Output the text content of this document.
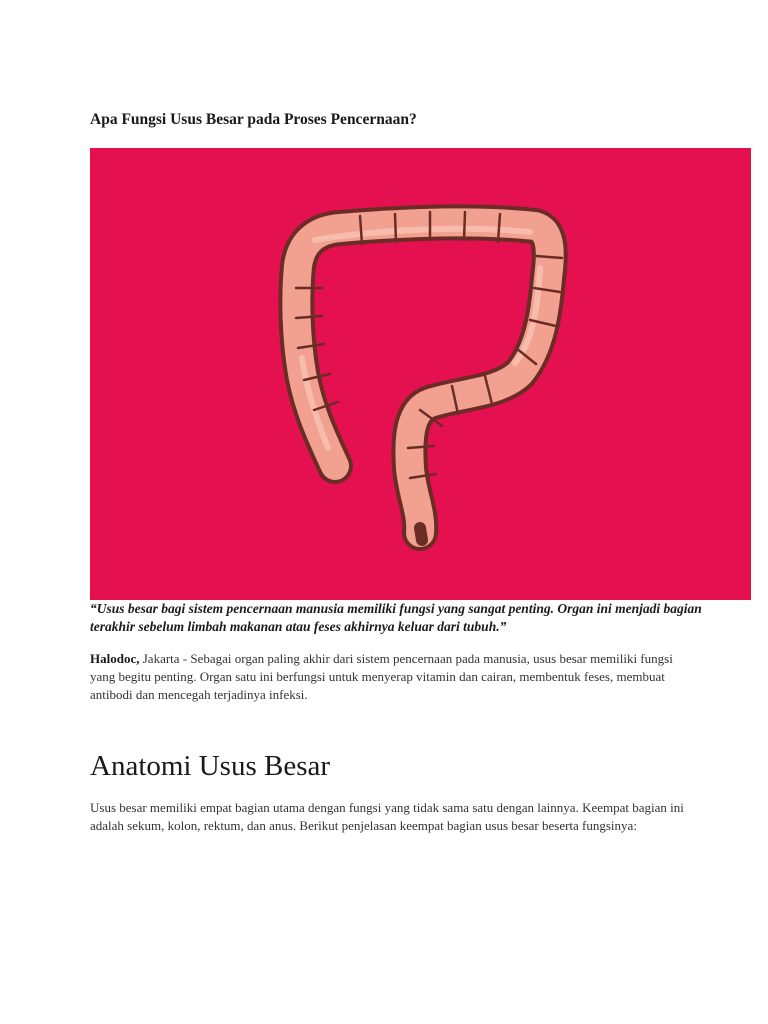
Apa Fungsi Usus Besar pada Proses Pencernaan?

“Usus besar bagi sistem pencernaan manusia memiliki fungsi yang sangat penting. Organ ini menjadi bagian terakhir sebelum limbah makanan atau feses akhirnya keluar dari tubuh.”

Halodoc, Jakarta - Sebagai organ paling akhir dari sistem pencernaan pada manusia, usus besar memiliki fungsi yang begitu penting. Organ satu ini berfungsi untuk menyerap vitamin dan cairan, membentuk feses, membuat antibodi dan mencegah terjadinya infeksi.

Anatomi Usus Besar

Usus besar memiliki empat bagian utama dengan fungsi yang tidak sama satu dengan lainnya. Keempat bagian ini adalah sekum, kolon, rektum, dan anus. Berikut penjelasan keempat bagian usus besar beserta fungsinya:
